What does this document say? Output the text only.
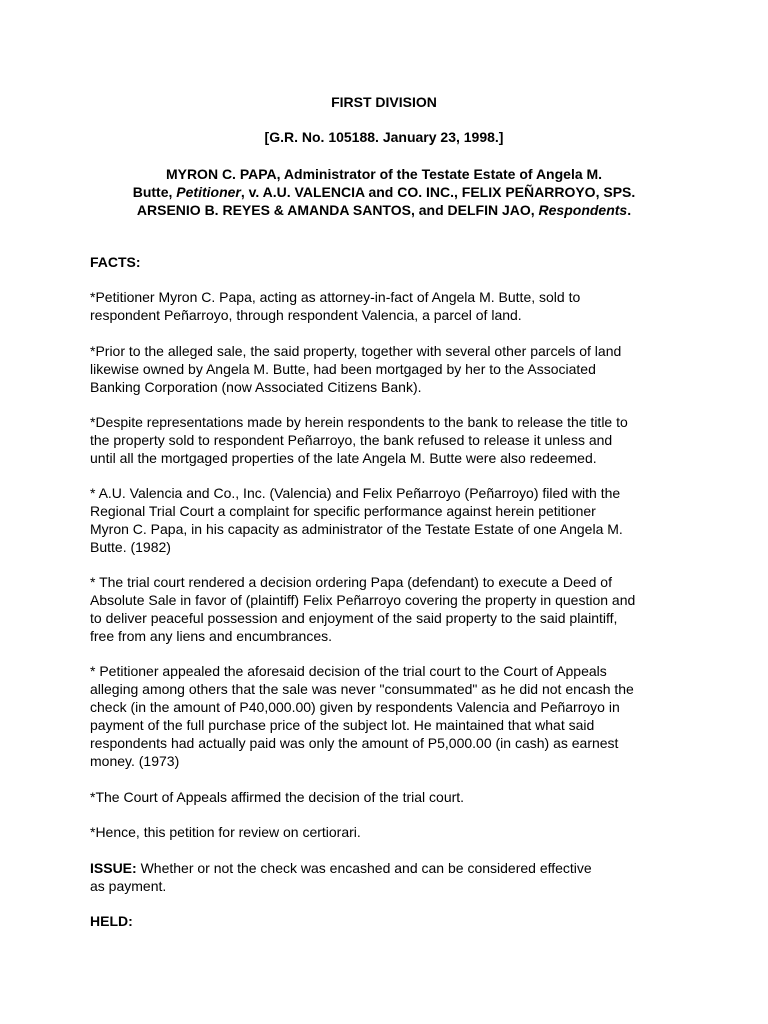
FIRST DIVISION
[G.R. No. 105188. January 23, 1998.]
MYRON C. PAPA, Administrator of the Testate Estate of Angela M.
Butte, Petitioner, v. A.U. VALENCIA and CO. INC., FELIX PEÑARROYO, SPS.
ARSENIO B. REYES & AMANDA SANTOS, and DELFIN JAO, Respondents.
FACTS:
*Petitioner Myron C. Papa, acting as attorney-in-fact of Angela M. Butte, sold to
respondent Peñarroyo, through respondent Valencia, a parcel of land.
*Prior to the alleged sale, the said property, together with several other parcels of land
likewise owned by Angela M. Butte, had been mortgaged by her to the Associated
Banking Corporation (now Associated Citizens Bank).
*Despite representations made by herein respondents to the bank to release the title to
the property sold to respondent Peñarroyo, the bank refused to release it unless and
until all the mortgaged properties of the late Angela M. Butte were also redeemed.
* A.U. Valencia and Co., Inc. (Valencia) and Felix Peñarroyo (Peñarroyo) filed with the
Regional Trial Court a complaint for specific performance against herein petitioner
Myron C. Papa, in his capacity as administrator of the Testate Estate of one Angela M.
Butte. (1982)
* The trial court rendered a decision ordering Papa (defendant) to execute a Deed of
Absolute Sale in favor of (plaintiff) Felix Peñarroyo covering the property in question and
to deliver peaceful possession and enjoyment of the said property to the said plaintiff,
free from any liens and encumbrances.
* Petitioner appealed the aforesaid decision of the trial court to the Court of Appeals
alleging among others that the sale was never "consummated" as he did not encash the
check (in the amount of P40,000.00) given by respondents Valencia and Peñarroyo in
payment of the full purchase price of the subject lot. He maintained that what said
respondents had actually paid was only the amount of P5,000.00 (in cash) as earnest
money. (1973)
*The Court of Appeals affirmed the decision of the trial court.
*Hence, this petition for review on certiorari.
ISSUE: Whether or not the check was encashed and can be considered effective
as payment.
HELD:
